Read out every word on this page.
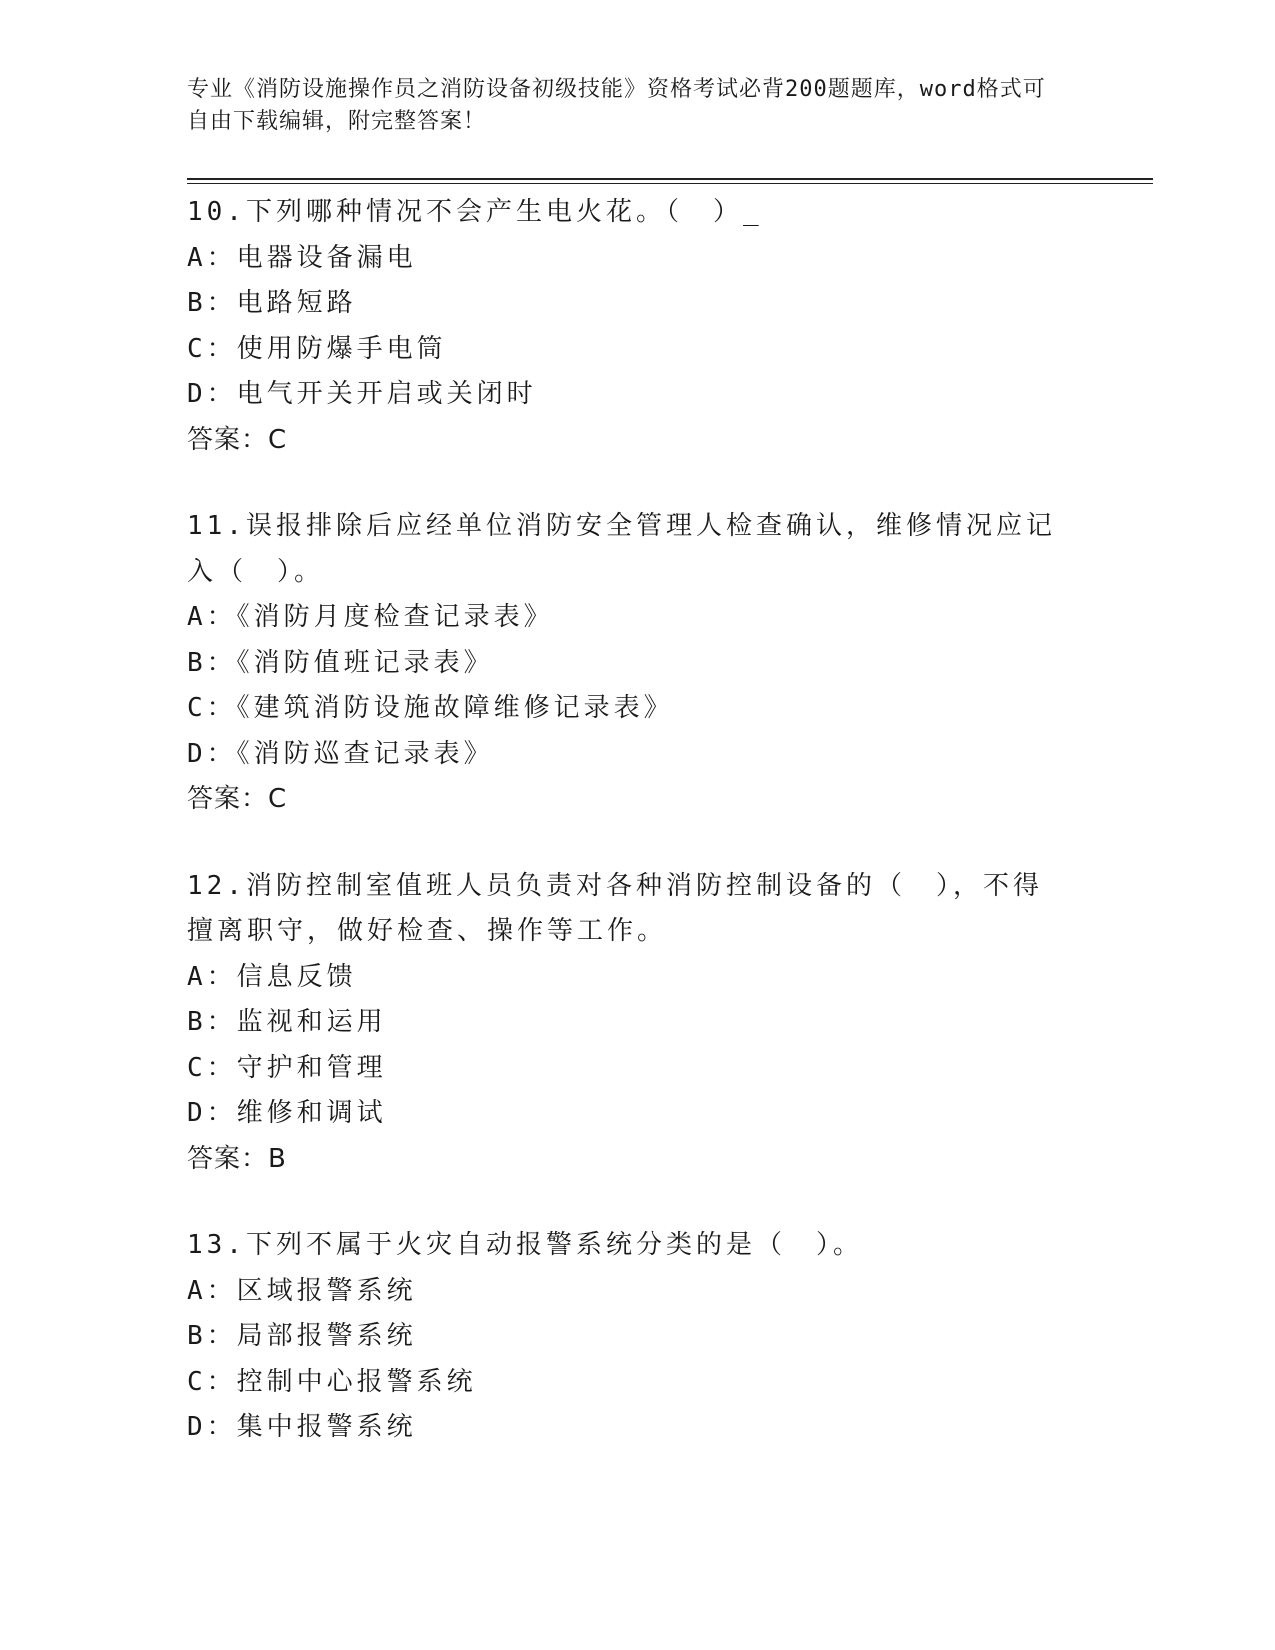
专业《消防设施操作员之消防设备初级技能》资格考试必背200题题库，word格式可自由下载编辑，附完整答案！
10.下列哪种情况不会产生电火花。（　）_
A：电器设备漏电
B：电路短路
C：使用防爆手电筒
D：电气开关开启或关闭时
答案：C
11.误报排除后应经单位消防安全管理人检查确认，维修情况应记入（　）。
A：《消防月度检查记录表》
B：《消防值班记录表》
C：《建筑消防设施故障维修记录表》
D：《消防巡查记录表》
答案：C
12.消防控制室值班人员负责对各种消防控制设备的（　），不得擅离职守，做好检查、操作等工作。
A：信息反馈
B：监视和运用
C：守护和管理
D：维修和调试
答案：B
13.下列不属于火灾自动报警系统分类的是（　）。
A：区域报警系统
B：局部报警系统
C：控制中心报警系统
D：集中报警系统
